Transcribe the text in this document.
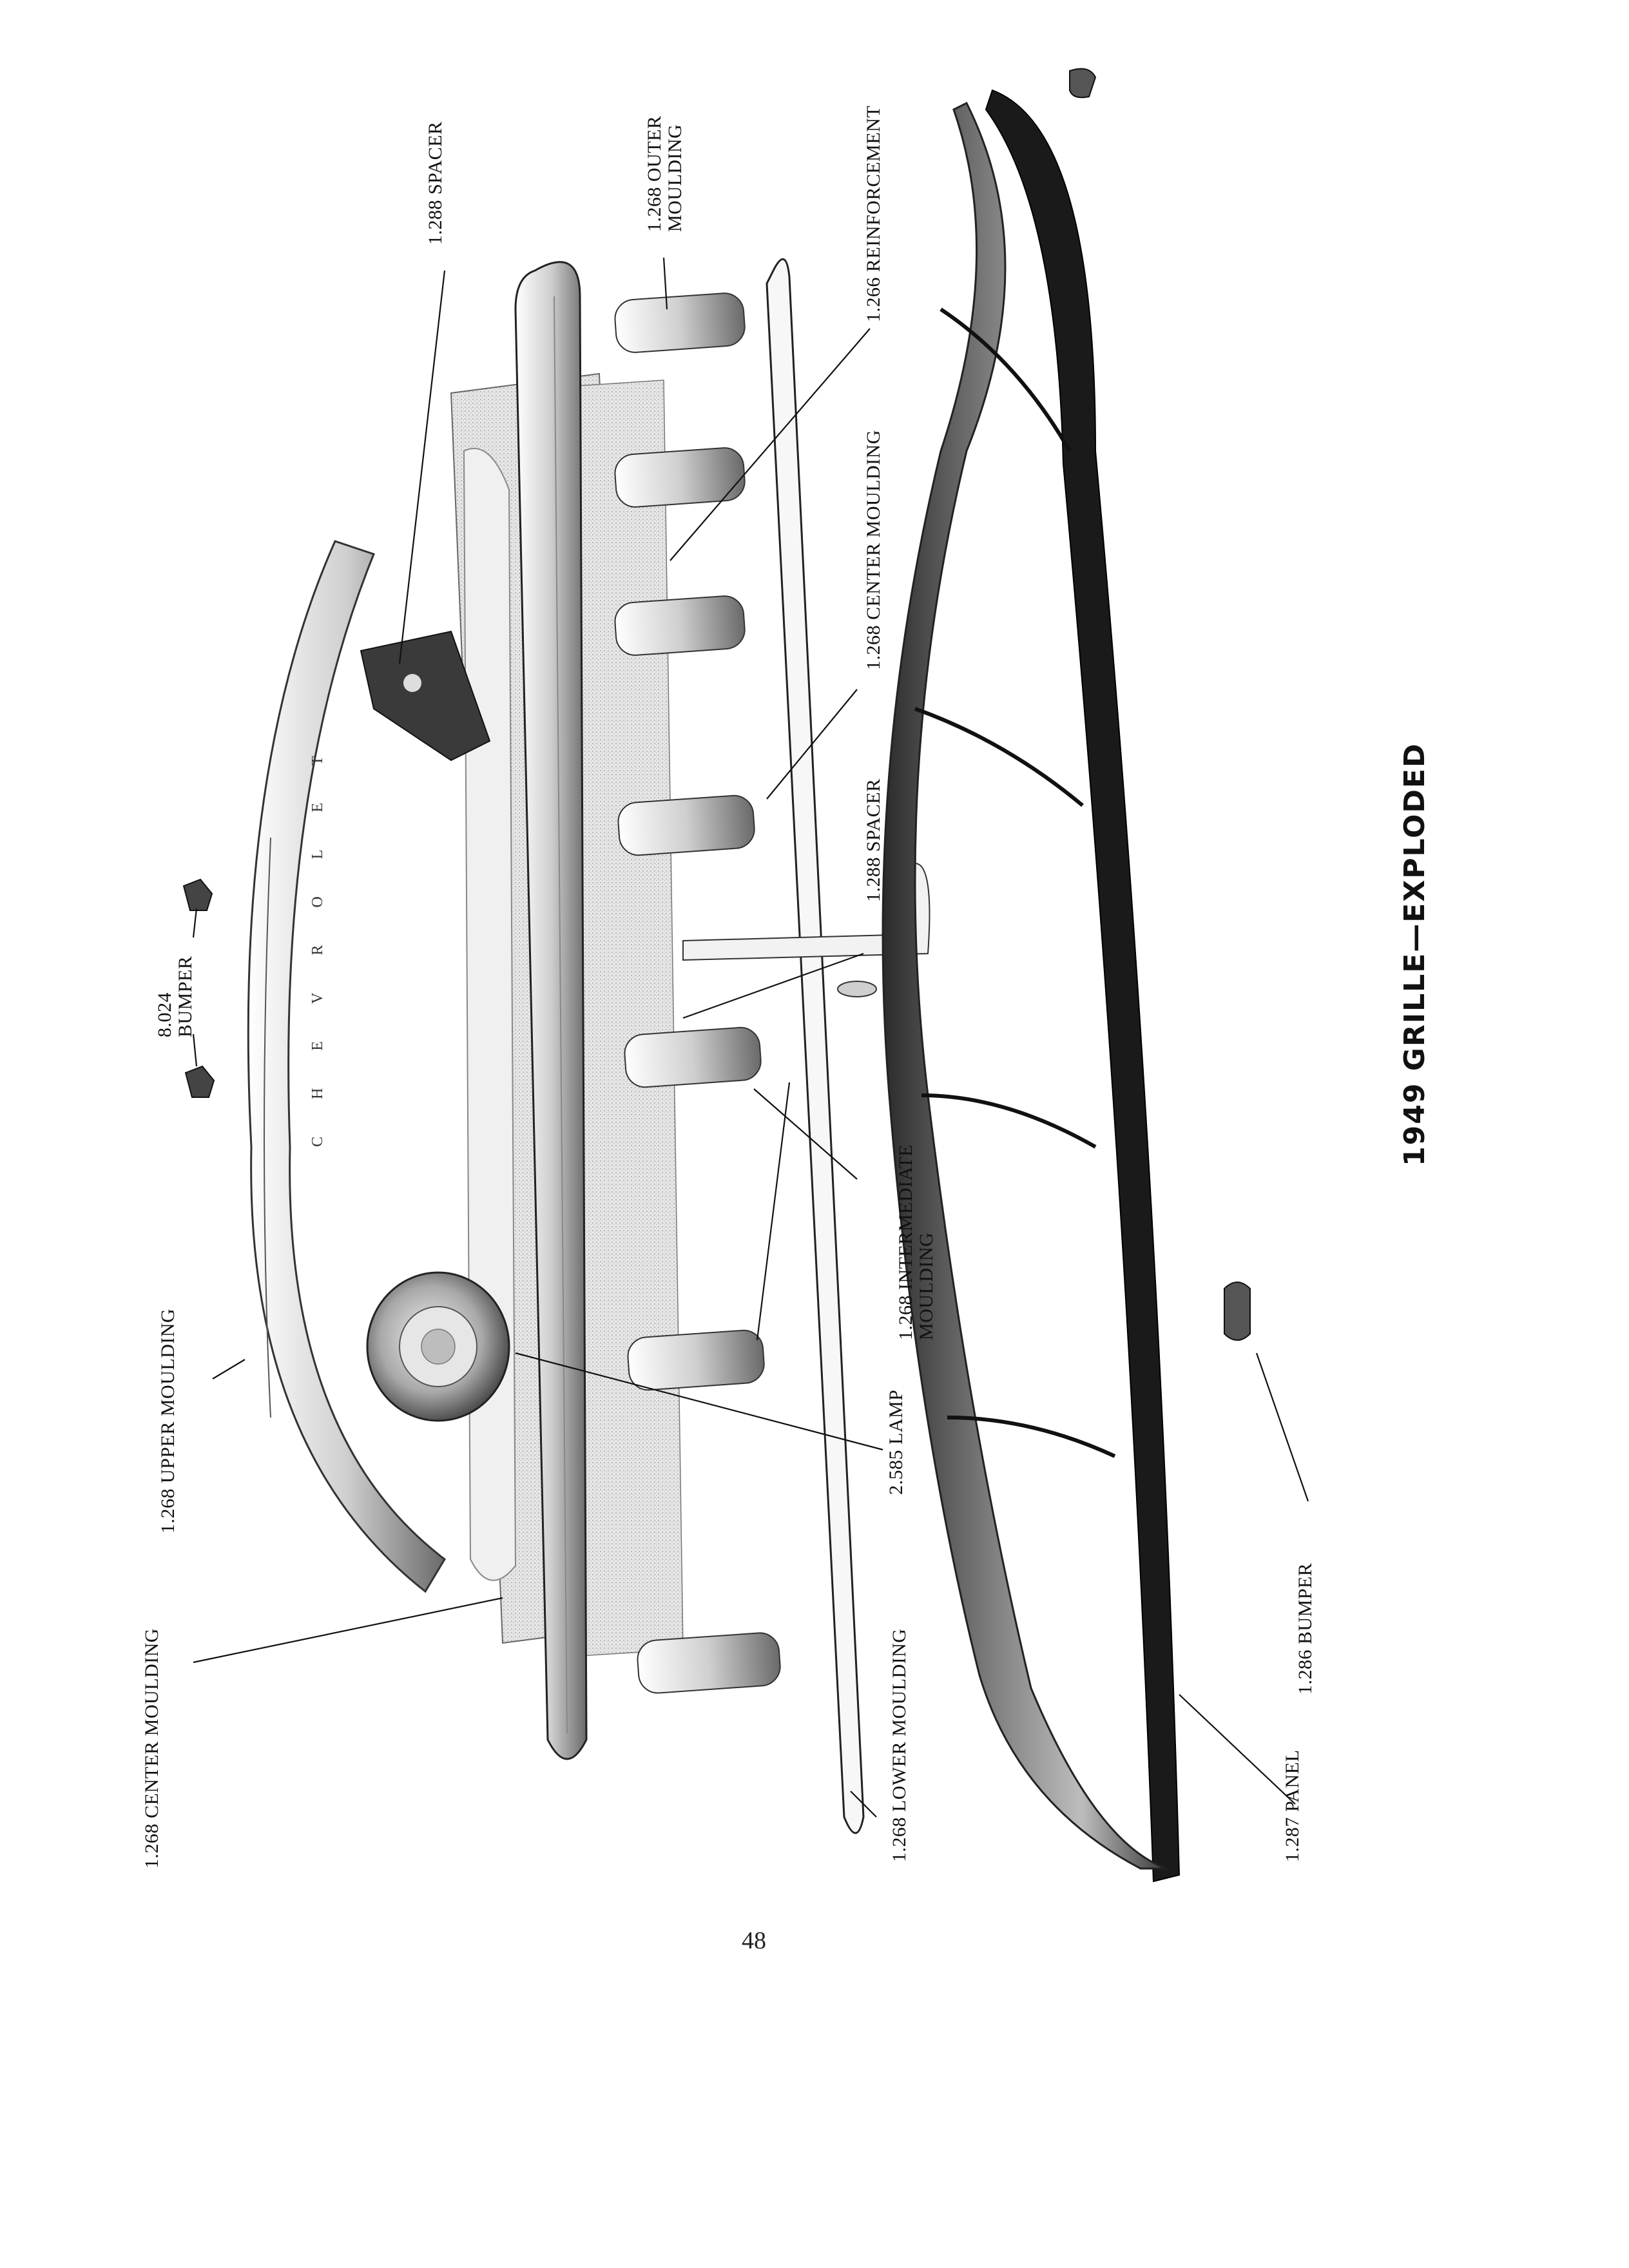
CHEVROLET
1.288 SPACER	1.268 OUTER MOULDING	1.266 REINFORCEMENT
1.268 CENTER MOULDING
1.288 SPACER
1.268 INTERMEDIATE MOULDING
2.585 LAMP
1.268 LOWER MOULDING
8.024 BUMPER
1.268 UPPER MOULDING
1.268 CENTER MOULDING	1.286 BUMPER
1.287 PANEL
1949 GRILLE—EXPLODED
48
